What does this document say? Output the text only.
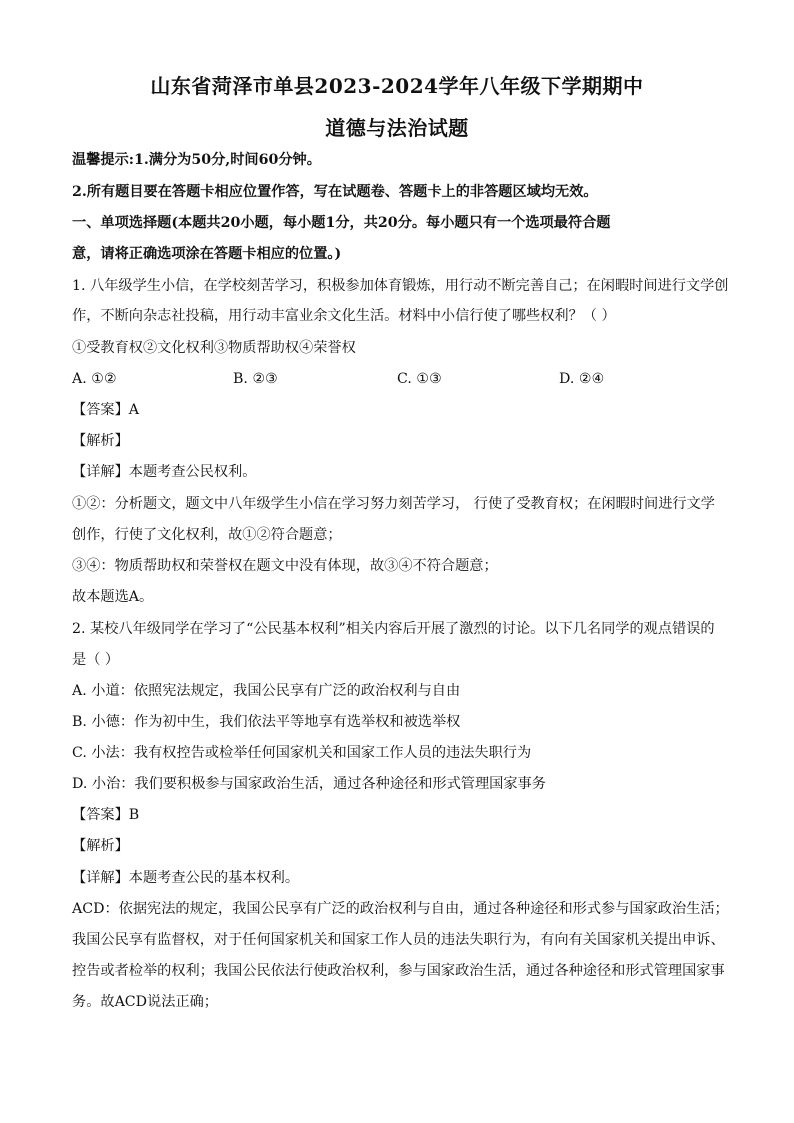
山东省菏泽市单县2023-2024学年八年级下学期期中
道德与法治试题
温馨提示:1.满分为50分,时间60分钟。
2.所有题目要在答题卡相应位置作答，写在试题卷、答题卡上的非答题区域均无效。
一、单项选择题(本题共20小题，每小题1分，共20分。每小题只有一个选项最符合题
意，请将正确选项涂在答题卡相应的位置。)
1. 八年级学生小信，在学校刻苦学习，积极参加体育锻炼，用行动不断完善自己；在闲暇时间进行文学创
作，不断向杂志社投稿，用行动丰富业余文化生活。材料中小信行使了哪些权利？（ ）
①受教育权②文化权利③物质帮助权④荣誉权
A. ①②	B. ②③	C. ①③	D. ②④
【答案】A
【解析】
【详解】本题考查公民权利。
①②：分析题文，题文中八年级学生小信在学习努力刻苦学习， 行使了受教育权；在闲暇时间进行文学
创作，行使了文化权利，故①②符合题意；
③④：物质帮助权和荣誉权在题文中没有体现，故③④不符合题意；
故本题选A。
2. 某校八年级同学在学习了“公民基本权利”相关内容后开展了激烈的讨论。以下几名同学的观点错误的
是（ ）
A. 小道：依照宪法规定，我国公民享有广泛的政治权利与自由
B. 小德：作为初中生，我们依法平等地享有选举权和被选举权
C. 小法：我有权控告或检举任何国家机关和国家工作人员的违法失职行为
D. 小治：我们要积极参与国家政治生活，通过各种途径和形式管理国家事务
【答案】B
【解析】
【详解】本题考查公民的基本权利。
ACD：依据宪法的规定，我国公民享有广泛的政治权利与自由，通过各种途径和形式参与国家政治生活；
我国公民享有监督权，对于任何国家机关和国家工作人员的违法失职行为，有向有关国家机关提出申诉、
控告或者检举的权利；我国公民依法行使政治权利，参与国家政治生活，通过各种途径和形式管理国家事
务。故ACD说法正确；
